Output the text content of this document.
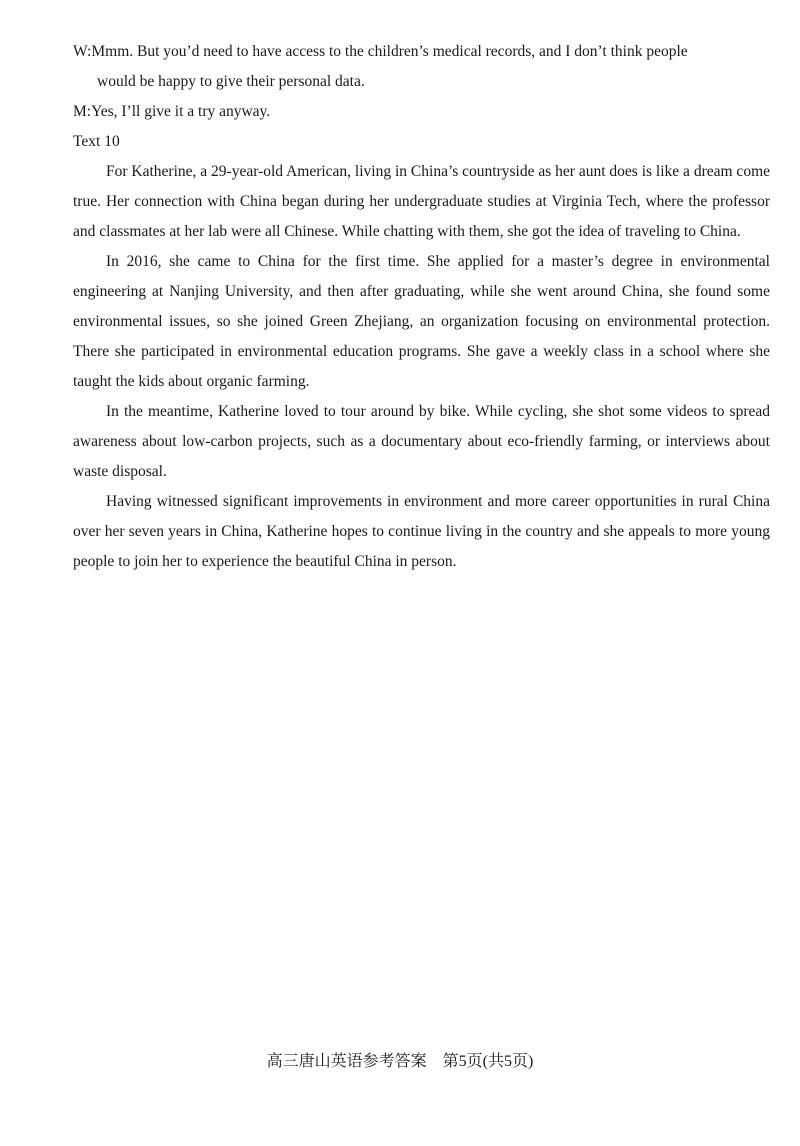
W:Mmm. But you’d need to have access to the children’s medical records, and I don’t think people
would be happy to give their personal data.
M:Yes, I’ll give it a try anyway.
Text 10

For Katherine, a 29-year-old American, living in China’s countryside as her aunt does is like a dream come true. Her connection with China began during her undergraduate studies at Virginia Tech, where the professor and classmates at her lab were all Chinese. While chatting with them, she got the idea of traveling to China.

In 2016, she came to China for the first time. She applied for a master’s degree in environmental engineering at Nanjing University, and then after graduating, while she went around China, she found some environmental issues, so she joined Green Zhejiang, an organization focusing on environmental protection. There she participated in environmental education programs. She gave a weekly class in a school where she taught the kids about organic farming.

In the meantime, Katherine loved to tour around by bike. While cycling, she shot some videos to spread awareness about low-carbon projects, such as a documentary about eco-friendly farming, or interviews about waste disposal.

Having witnessed significant improvements in environment and more career opportunities in rural China over her seven years in China, Katherine hopes to continue living in the country and she appeals to more young people to join her to experience the beautiful China in person.

高三唐山英语参考答案　第5页(共5页)
